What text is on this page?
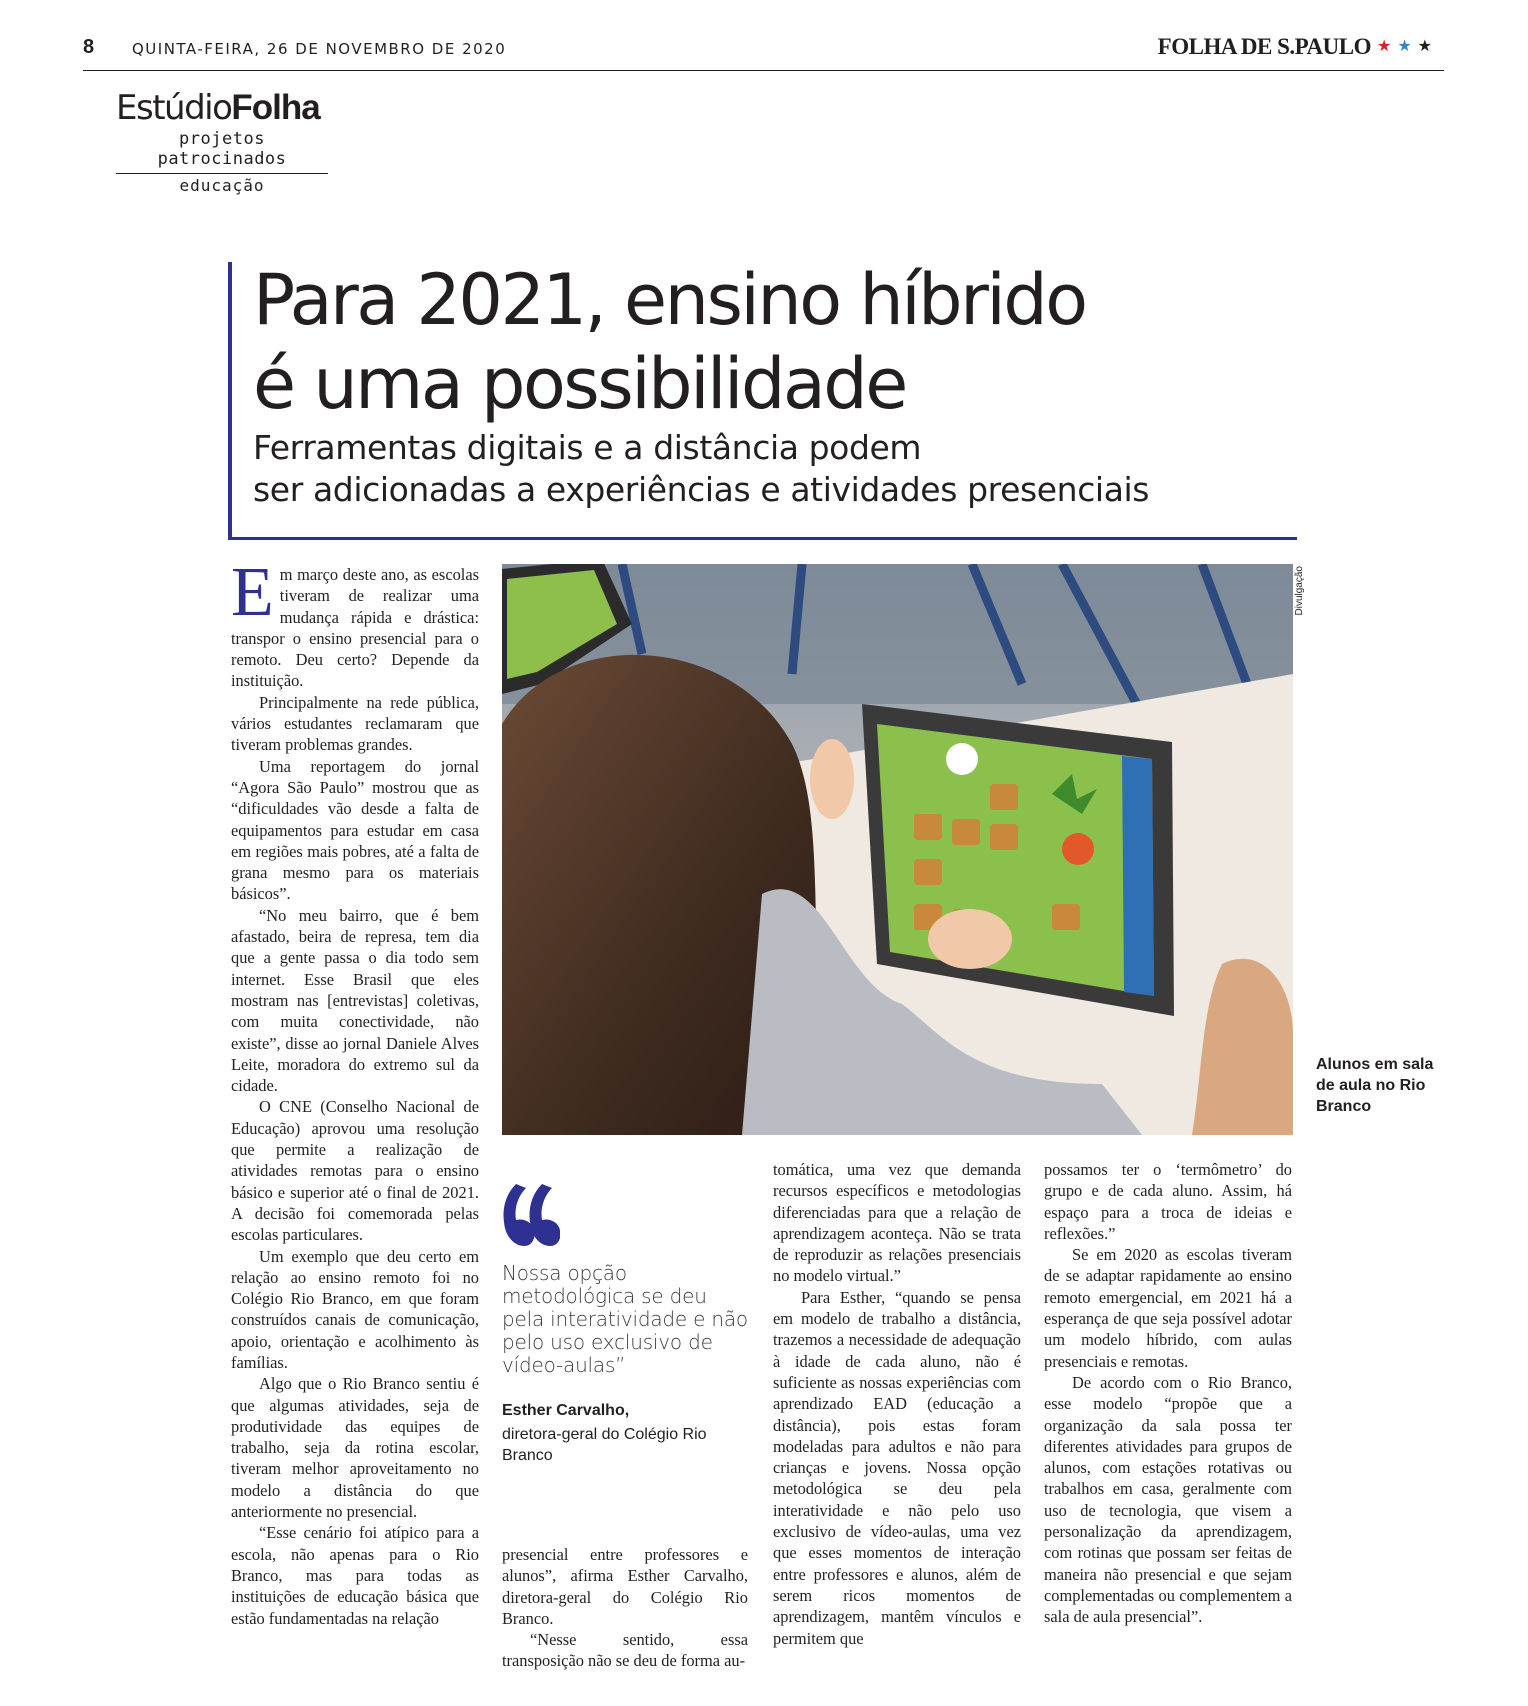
8	QUINTA-FEIRA, 26 DE NOVEMBRO DE 2020	FOLHA DE S.PAULO ★ ★ ★
EstúdioFolha
projetos patrocinados
educação
Para 2021, ensino híbrido
é uma possibilidade
Ferramentas digitais e a distância podem
ser adicionadas a experiências e atividades presenciais

Em março deste ano, as escolas tiveram de realizar uma mudança rápida e drástica: transpor o ensino presencial para o remoto. Deu certo? Depende da instituição.

Principalmente na rede pública, vários estudantes reclamaram que tiveram problemas grandes.

Uma reportagem do jornal “Agora São Paulo” mostrou que as “dificuldades vão desde a falta de equipamentos para estudar em casa em regiões mais pobres, até a falta de grana mesmo para os materiais básicos”.

“No meu bairro, que é bem afastado, beira de represa, tem dia que a gente passa o dia todo sem internet. Esse Brasil que eles mostram nas [entrevistas] coletivas, com muita conectividade, não existe”, disse ao jornal Daniele Alves Leite, moradora do extremo sul da cidade.

O CNE (Conselho Nacional de Educação) aprovou uma resolução que permite a realização de atividades remotas para o ensino básico e superior até o final de 2021. A decisão foi comemorada pelas escolas particulares.

Um exemplo que deu certo em relação ao ensino remoto foi no Colégio Rio Branco, em que foram construídos canais de comunicação, apoio, orientação e acolhimento às famílias.

Algo que o Rio Branco sentiu é que algumas atividades, seja de produtividade das equipes de trabalho, seja da rotina escolar, tiveram melhor aproveitamento no modelo a distância do que anteriormente no presencial.

“Esse cenário foi atípico para a escola, não apenas para o Rio Branco, mas para todas as instituições de educação básica que estão fundamentadas na relação

Divulgação
Alunos em sala de aula no Rio Branco

Nossa opção metodológica se deu pela interatividade e não pelo uso exclusivo de vídeo-aulas”

Esther Carvalho,
diretora-geral do Colégio Rio Branco

presencial entre professores e alunos”, afirma Esther Carvalho, diretora-geral do Colégio Rio Branco.

“Nesse sentido, essa transposição não se deu de forma au-

tomática, uma vez que demanda recursos específicos e metodologias diferenciadas para que a relação de aprendizagem aconteça. Não se trata de reproduzir as relações presenciais no modelo virtual.”

Para Esther, “quando se pensa em modelo de trabalho a distância, trazemos a necessidade de adequação à idade de cada aluno, não é suficiente as nossas experiências com aprendizado EAD (educação a distância), pois estas foram modeladas para adultos e não para crianças e jovens. Nossa opção metodológica se deu pela interatividade e não pelo uso exclusivo de vídeo-aulas, uma vez que esses momentos de interação entre professores e alunos, além de serem ricos momentos de aprendizagem, mantêm vínculos e permitem que

possamos ter o ‘termômetro’ do grupo e de cada aluno. Assim, há espaço para a troca de ideias e reflexões.”

Se em 2020 as escolas tiveram de se adaptar rapidamente ao ensino remoto emergencial, em 2021 há a esperança de que seja possível adotar um modelo híbrido, com aulas presenciais e remotas.

De acordo com o Rio Branco, esse modelo “propõe que a organização da sala possa ter diferentes atividades para grupos de alunos, com estações rotativas ou trabalhos em casa, geralmente com uso de tecnologia, que visem a personalização da aprendizagem, com rotinas que possam ser feitas de maneira não presencial e que sejam complementadas ou complementem a sala de aula presencial”.
